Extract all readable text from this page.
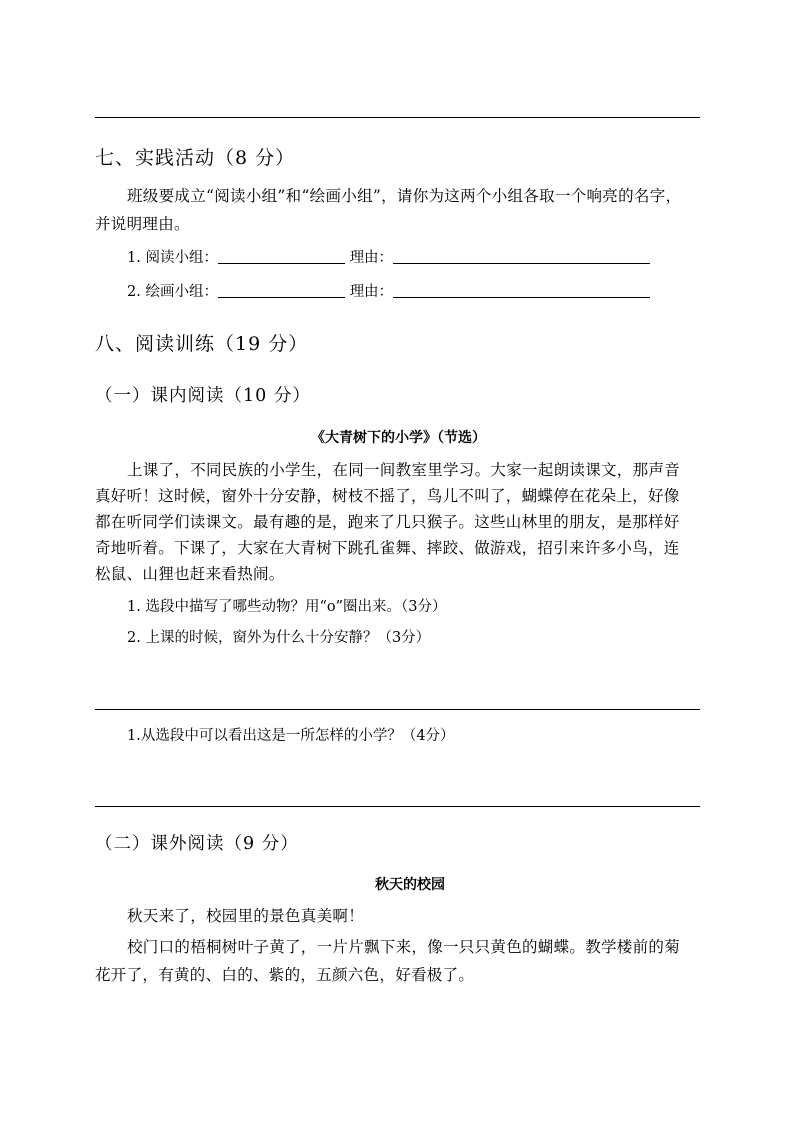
七、实践活动（8 分）
班级要成立“阅读小组”和“绘画小组”，请你为这两个小组各取一个响亮的名字，
并说明理由。
1. 阅读小组：	理由：
2. 绘画小组：	理由：
八、阅读训练（19 分）
（一）课内阅读（10 分）
《大青树下的小学》（节选）
上课了，不同民族的小学生，在同一间教室里学习。大家一起朗读课文，那声音
真好听！这时候，窗外十分安静，树枝不摇了，鸟儿不叫了，蝴蝶停在花朵上，好像
都在听同学们读课文。最有趣的是，跑来了几只猴子。这些山林里的朋友，是那样好
奇地听着。下课了，大家在大青树下跳孔雀舞、摔跤、做游戏，招引来许多小鸟，连
松鼠、山狸也赶来看热闹。
1. 选段中描写了哪些动物？用“o”圈出来。（3分）
2. 上课的时候，窗外为什么十分安静？（3分）
1.从选段中可以看出这是一所怎样的小学？（4分）
（二）课外阅读（9 分）
秋天的校园
秋天来了，校园里的景色真美啊！
校门口的梧桐树叶子黄了，一片片飘下来，像一只只黄色的蝴蝶。教学楼前的菊
花开了，有黄的、白的、紫的，五颜六色，好看极了。
